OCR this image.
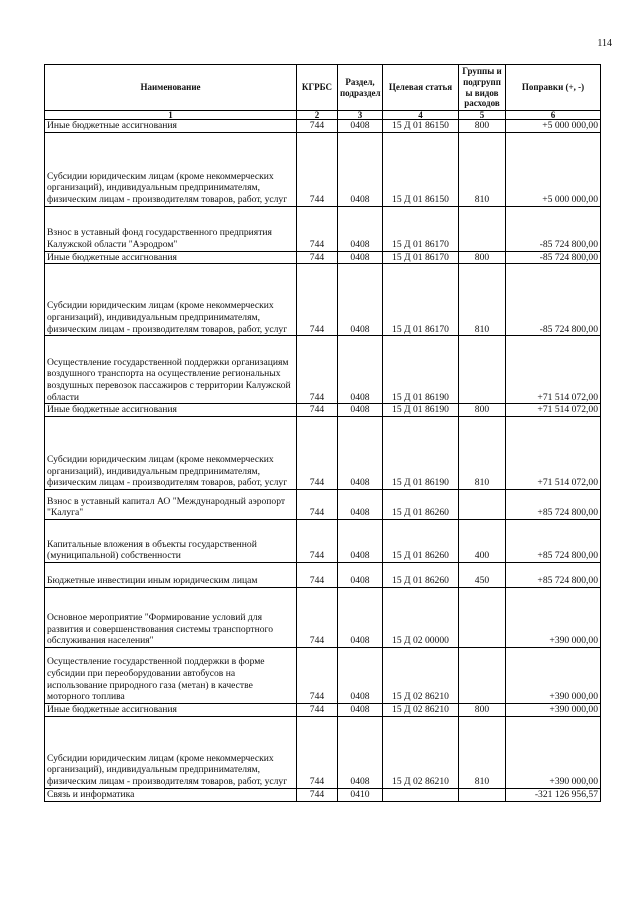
114
Наименование	КГРБС	Раздел, подраздел	Целевая статья	Группы и подгрупп ы видов расходов	Поправки (+, -)
1	2	3	4	5	6
Иные бюджетные ассигнования	744	0408	15 Д 01 86150	800	+5 000 000,00
Субсидии юридическим лицам (кроме некоммерческих организаций), индивидуальным предпринимателям, физическим лицам - производителям товаров, работ, услуг	744	0408	15 Д 01 86150	810	+5 000 000,00
Взнос в уставный фонд государственного предприятия Калужской области "Аэродром"	744	0408	15 Д 01 86170		-85 724 800,00
Иные бюджетные ассигнования	744	0408	15 Д 01 86170	800	-85 724 800,00
Субсидии юридическим лицам (кроме некоммерческих организаций), индивидуальным предпринимателям, физическим лицам - производителям товаров, работ, услуг	744	0408	15 Д 01 86170	810	-85 724 800,00
Осуществление государственной поддержки организациям воздушного транспорта на осуществление региональных воздушных перевозок пассажиров с территории Калужской области	744	0408	15 Д 01 86190		+71 514 072,00
Иные бюджетные ассигнования	744	0408	15 Д 01 86190	800	+71 514 072,00
Субсидии юридическим лицам (кроме некоммерческих организаций), индивидуальным предпринимателям, физическим лицам - производителям товаров, работ, услуг	744	0408	15 Д 01 86190	810	+71 514 072,00
Взнос в уставный капитал АО "Международный аэропорт "Калуга"	744	0408	15 Д 01 86260		+85 724 800,00
Капитальные вложения в объекты государственной (муниципальной) собственности	744	0408	15 Д 01 86260	400	+85 724 800,00
Бюджетные инвестиции иным юридическим лицам	744	0408	15 Д 01 86260	450	+85 724 800,00
Основное мероприятие "Формирование условий для развития и совершенствования системы транспортного обслуживания населения"	744	0408	15 Д 02 00000		+390 000,00
Осуществление государственной поддержки в форме субсидии при переоборудовании автобусов на использование природного газа (метан) в качестве моторного топлива	744	0408	15 Д 02 86210		+390 000,00
Иные бюджетные ассигнования	744	0408	15 Д 02 86210	800	+390 000,00
Субсидии юридическим лицам (кроме некоммерческих организаций), индивидуальным предпринимателям, физическим лицам - производителям товаров, работ, услуг	744	0408	15 Д 02 86210	810	+390 000,00
Связь и информатика	744	0410			-321 126 956,57
